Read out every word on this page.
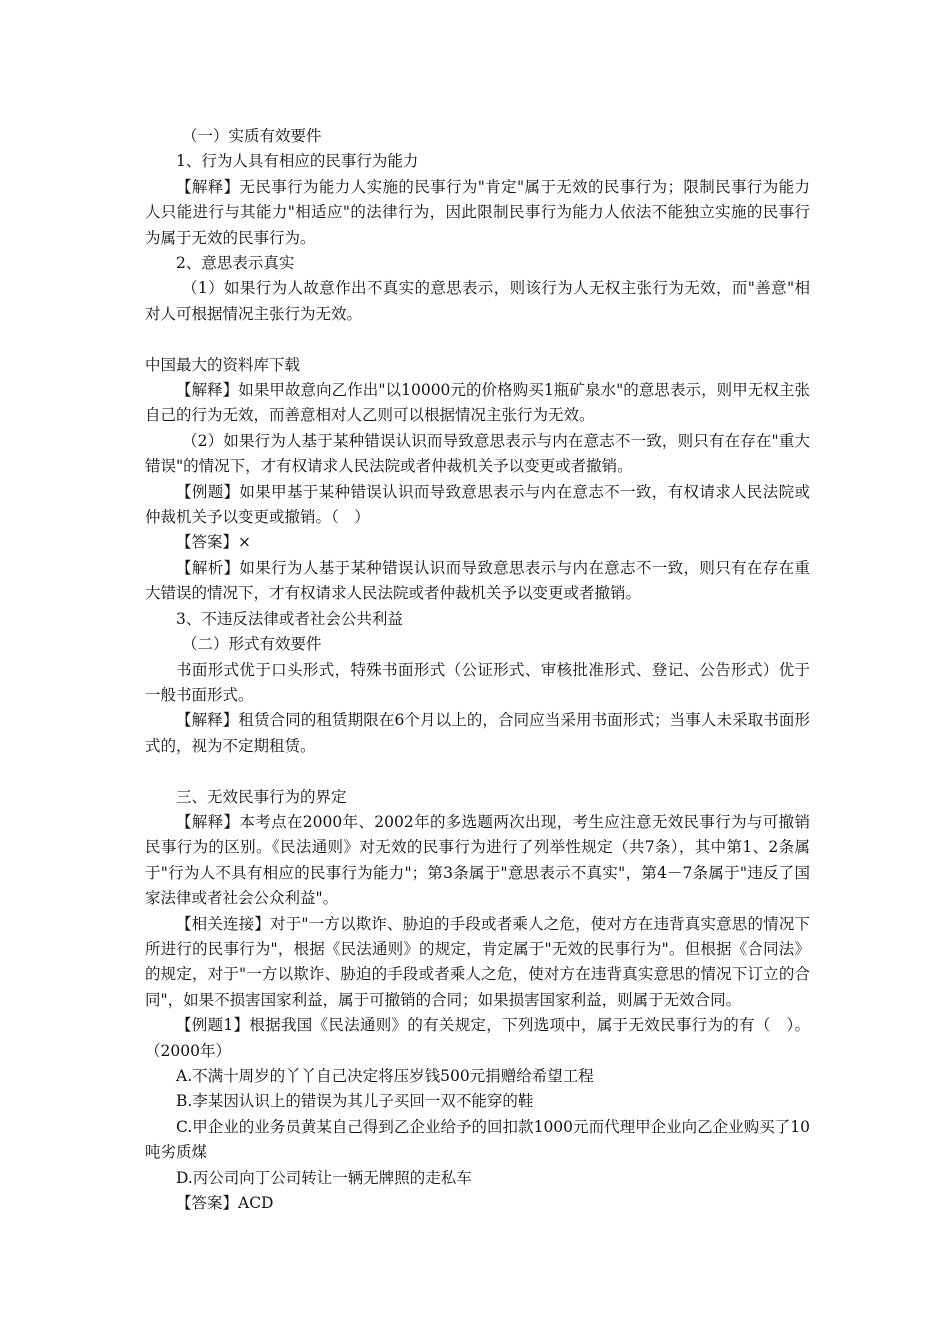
（一）实质有效要件

1、行为人具有相应的民事行为能力

【解释】无民事行为能力人实施的民事行为"肯定"属于无效的民事行为；限制民事行为能力人只能进行与其能力"相适应"的法律行为，因此限制民事行为能力人依法不能独立实施的民事行为属于无效的民事行为。

2、意思表示真实

（1）如果行为人故意作出不真实的意思表示，则该行为人无权主张行为无效，而"善意"相对人可根据情况主张行为无效。

中国最大的资料库下载

【解释】如果甲故意向乙作出"以10000元的价格购买1瓶矿泉水"的意思表示，则甲无权主张自己的行为无效，而善意相对人乙则可以根据情况主张行为无效。

（2）如果行为人基于某种错误认识而导致意思表示与内在意志不一致，则只有在存在"重大错误"的情况下，才有权请求人民法院或者仲裁机关予以变更或者撤销。

【例题】如果甲基于某种错误认识而导致意思表示与内在意志不一致，有权请求人民法院或仲裁机关予以变更或撤销。（　）

【答案】×

【解析】如果行为人基于某种错误认识而导致意思表示与内在意志不一致，则只有在存在重大错误的情况下，才有权请求人民法院或者仲裁机关予以变更或者撤销。

3、不违反法律或者社会公共利益

（二）形式有效要件

书面形式优于口头形式，特殊书面形式（公证形式、审核批准形式、登记、公告形式）优于一般书面形式。

【解释】租赁合同的租赁期限在6个月以上的，合同应当采用书面形式；当事人未采取书面形式的，视为不定期租赁。

三、无效民事行为的界定

【解释】本考点在2000年、2002年的多选题两次出现，考生应注意无效民事行为与可撤销民事行为的区别。《民法通则》对无效的民事行为进行了列举性规定（共7条），其中第1、2条属于"行为人不具有相应的民事行为能力"；第3条属于"意思表示不真实"，第4－7条属于"违反了国家法律或者社会公众利益"。

【相关连接】对于"一方以欺诈、胁迫的手段或者乘人之危，使对方在违背真实意思的情况下所进行的民事行为"，根据《民法通则》的规定，肯定属于"无效的民事行为"。但根据《合同法》的规定，对于"一方以欺诈、胁迫的手段或者乘人之危，使对方在违背真实意思的情况下订立的合同"，如果不损害国家利益，属于可撤销的合同；如果损害国家利益，则属于无效合同。

【例题1】根据我国《民法通则》的有关规定，下列选项中，属于无效民事行为的有（　）。（2000年）

A.不满十周岁的丫丫自己决定将压岁钱500元捐赠给希望工程

B.李某因认识上的错误为其儿子买回一双不能穿的鞋

C.甲企业的业务员黄某自己得到乙企业给予的回扣款1000元而代理甲企业向乙企业购买了10吨劣质煤

D.丙公司向丁公司转让一辆无牌照的走私车

【答案】ACD
